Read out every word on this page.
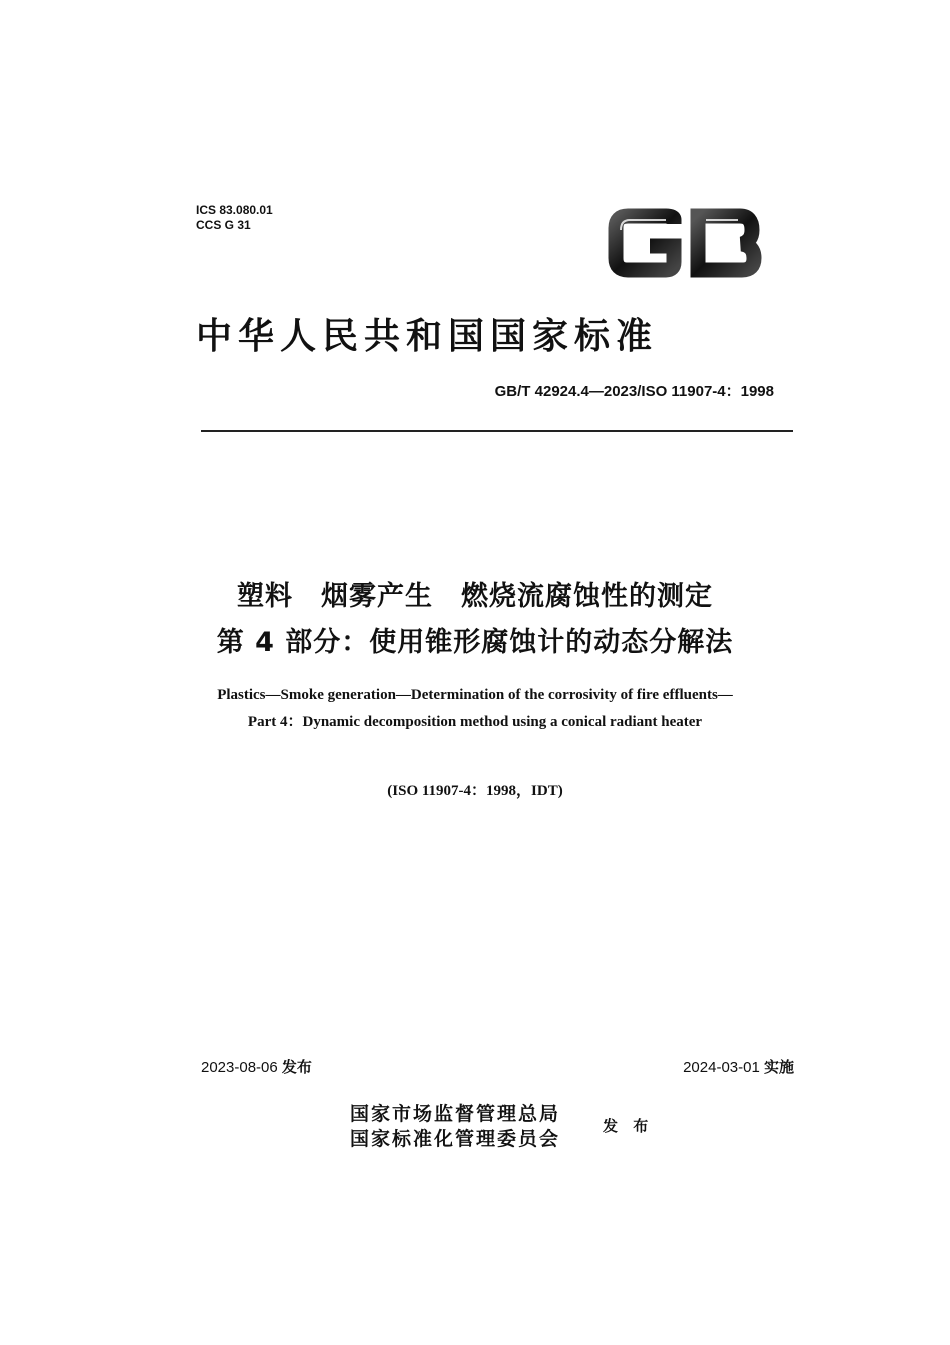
ICS 83.080.01
CCS G 31
中华人民共和国国家标准
GB/T 42924.4—2023/ISO 11907-4：1998
塑料　烟雾产生　燃烧流腐蚀性的测定
第 4 部分：使用锥形腐蚀计的动态分解法
Plastics—Smoke generation—Determination of the corrosivity of fire effluents—
Part 4：Dynamic decomposition method using a conical radiant heater
(ISO 11907-4：1998，IDT)
2023-08-06 发布	2024-03-01 实施
国家市场监督管理总局
国家标准化管理委员会
发 布
